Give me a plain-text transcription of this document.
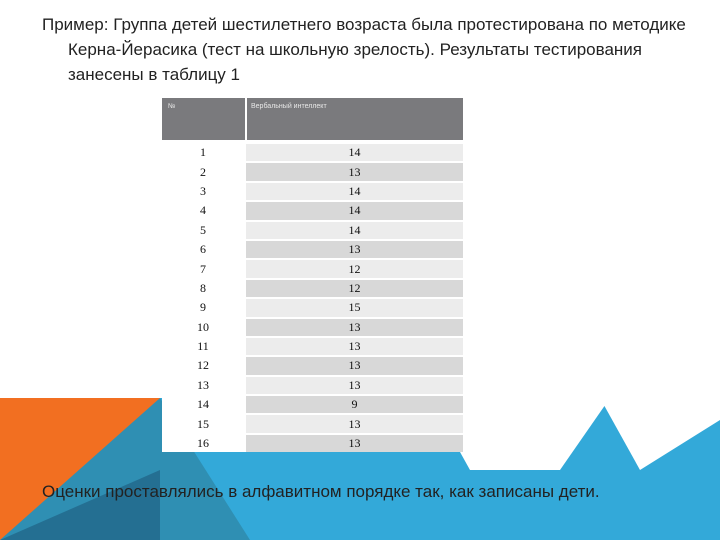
Пример: Группа детей шестилетнего возраста была протестирована по методике Керна-Йерасика (тест на школьную зрелость). Результаты тестирования занесены в таблицу 1
№	Вербальный интеллект

1	14
2	13
3	14
4	14
5	14
6	13
7	12
8	12
9	15
10	13
11	13
12	13
13	13
14	9
15	13
16	13
Оценки проставлялись в алфавитном порядке так, как записаны дети.
